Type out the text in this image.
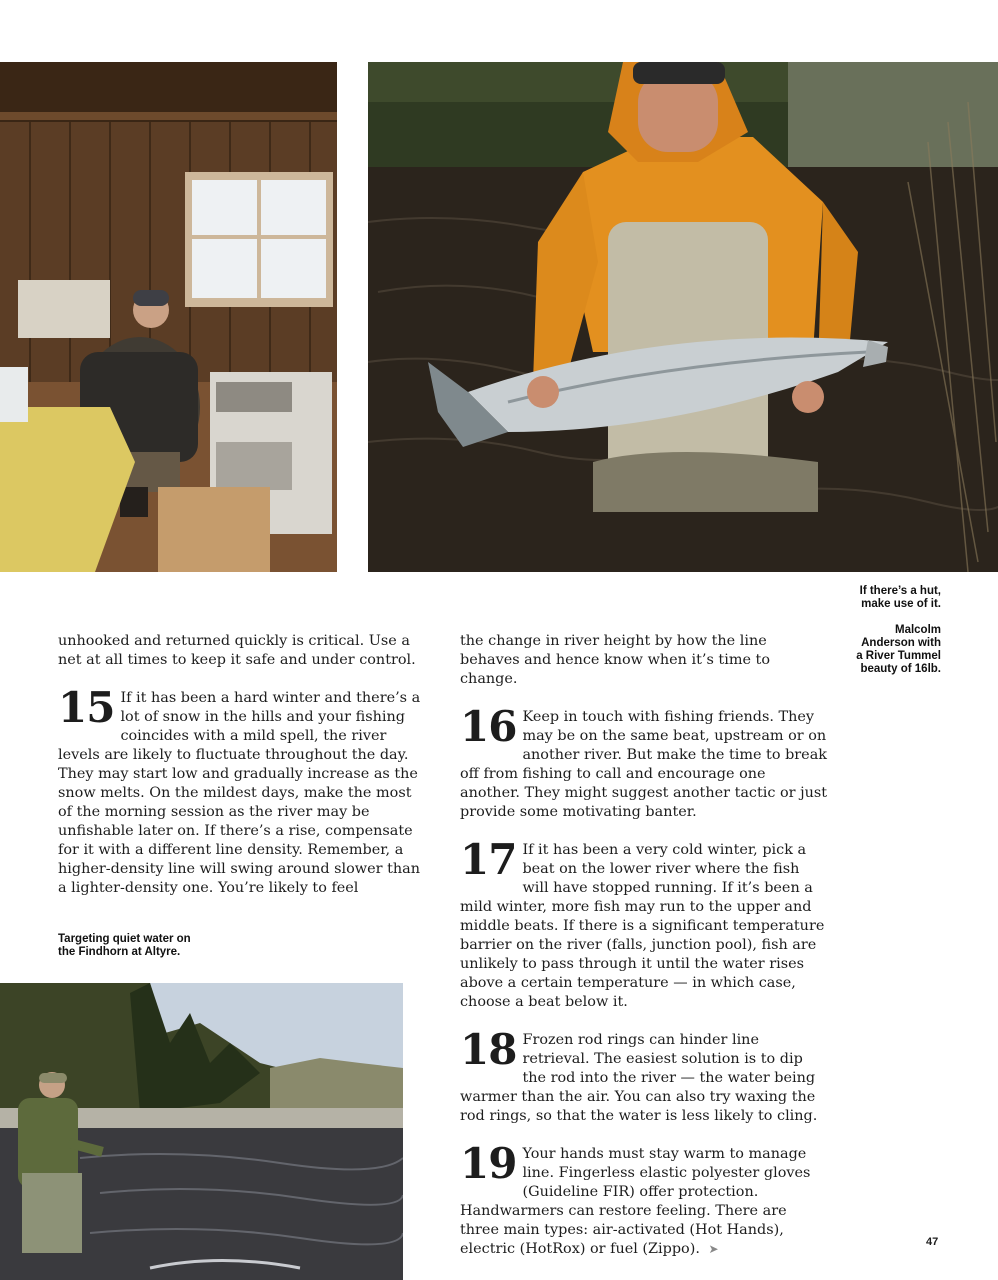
If there’s a hut, make use of it.

Malcolm Anderson with a River Tummel beauty of 16lb.

Targeting quiet water on the Findhorn at Altyre.

unhooked and returned quickly is critical. Use a net at all times to keep it safe and under control.

15 If it has been a hard winter and there’s a lot of snow in the hills and your fishing coincides with a mild spell, the river levels are likely to fluctuate throughout the day. They may start low and gradually increase as the snow melts. On the mildest days, make the most of the morning session as the river may be unfishable later on. If there’s a rise, compensate for it with a different line density. Remember, a higher-density line will swing around slower than a lighter-density one. You’re likely to feel

the change in river height by how the line behaves and hence know when it’s time to change.

16 Keep in touch with fishing friends. They may be on the same beat, upstream or on another river. But make the time to break off from fishing to call and encourage one another. They might suggest another tactic or just provide some motivating banter.
17 If it has been a very cold winter, pick a beat on the lower river where the fish will have stopped running. If it’s been a mild winter, more fish may run to the upper and middle beats. If there is a significant temperature barrier on the river (falls, junction pool), fish are unlikely to pass through it until the water rises above a certain temperature — in which case, choose a beat below it.
18 Frozen rod rings can hinder line retrieval. The easiest solution is to dip the rod into the river — the water being warmer than the air. You can also try waxing the rod rings, so that the water is less likely to cling.
19 Your hands must stay warm to manage line. Fingerless elastic polyester gloves (Guideline FIR) offer protection. Handwarmers can restore feeling. There are three main types: air-activated (Hot Hands), electric (HotRox) or fuel (Zippo). ➤	47
